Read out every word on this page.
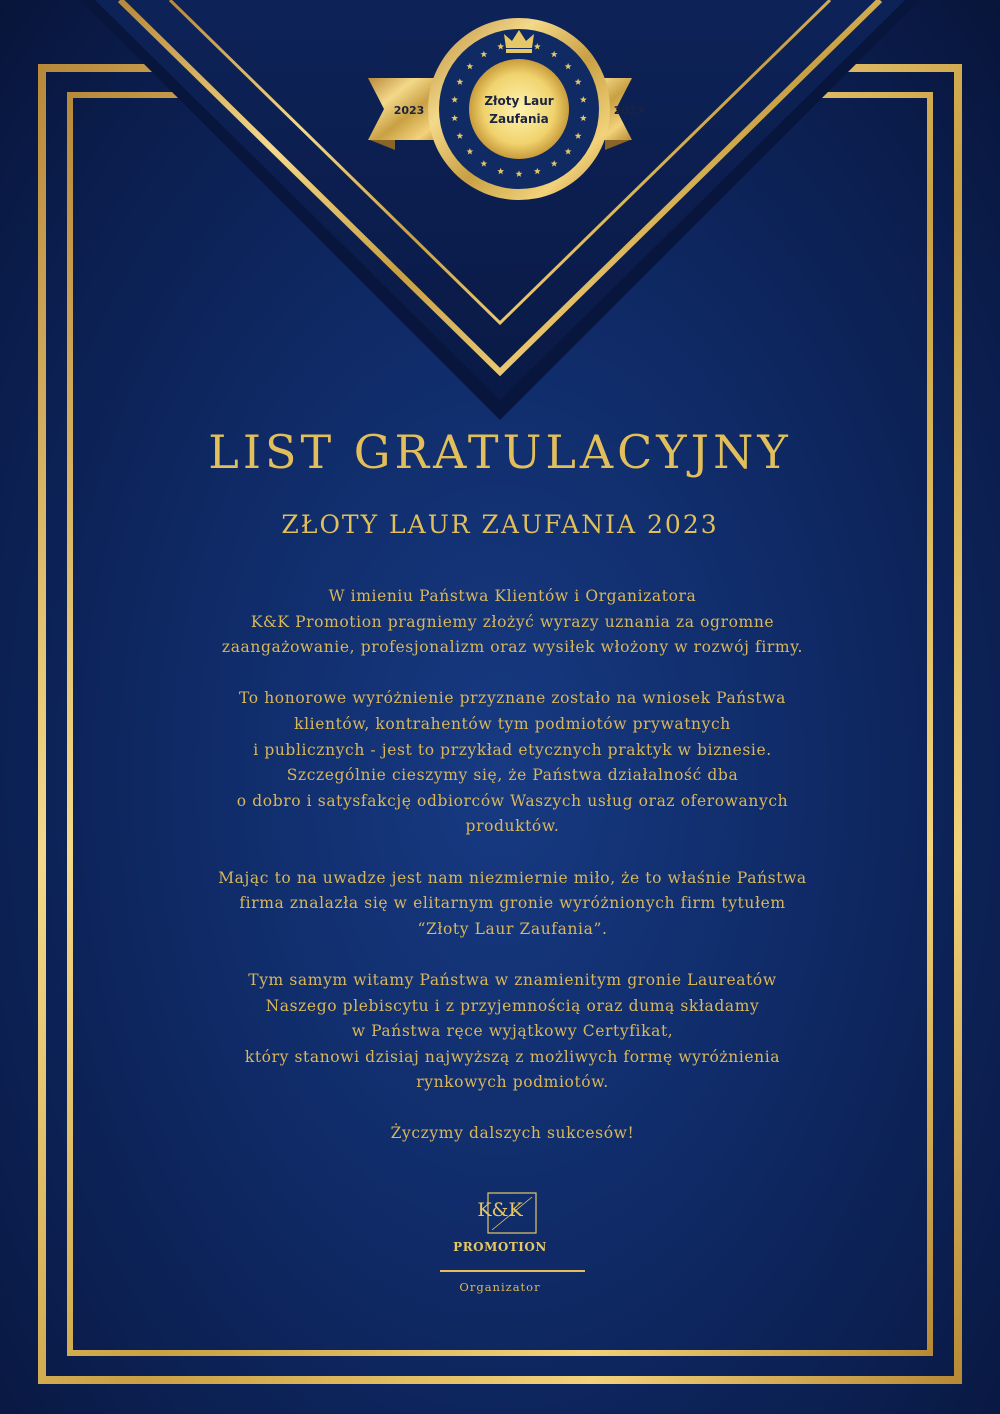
Złoty Laur
Zaufania
2023	2023
LIST GRATULACYJNY
ZŁOTY LAUR ZAUFANIA 2023

W imieniu Państwa Klientów i Organizatora
K&K Promotion pragniemy złożyć wyrazy uznania za ogromne
zaangażowanie, profesjonalizm oraz wysiłek włożony w rozwój firmy.

To honorowe wyróżnienie przyznane zostało na wniosek Państwa
klientów, kontrahentów tym podmiotów prywatnych
i publicznych - jest to przykład etycznych praktyk w biznesie.
Szczególnie cieszymy się, że Państwa działalność dba
o dobro i satysfakcję odbiorców Waszych usług oraz oferowanych
produktów.

Mając to na uwadze jest nam niezmiernie miło, że to właśnie Państwa
firma znalazła się w elitarnym gronie wyróżnionych firm tytułem
“Złoty Laur Zaufania”.

Tym samym witamy Państwa w znamienitym gronie Laureatów
Naszego plebiscytu i z przyjemnością oraz dumą składamy
w Państwa ręce wyjątkowy Certyfikat,
który stanowi dzisiaj najwyższą z możliwych formę wyróżnienia
rynkowych podmiotów.

Życzymy dalszych sukcesów!

K&K
PROMOTION
Organizator
